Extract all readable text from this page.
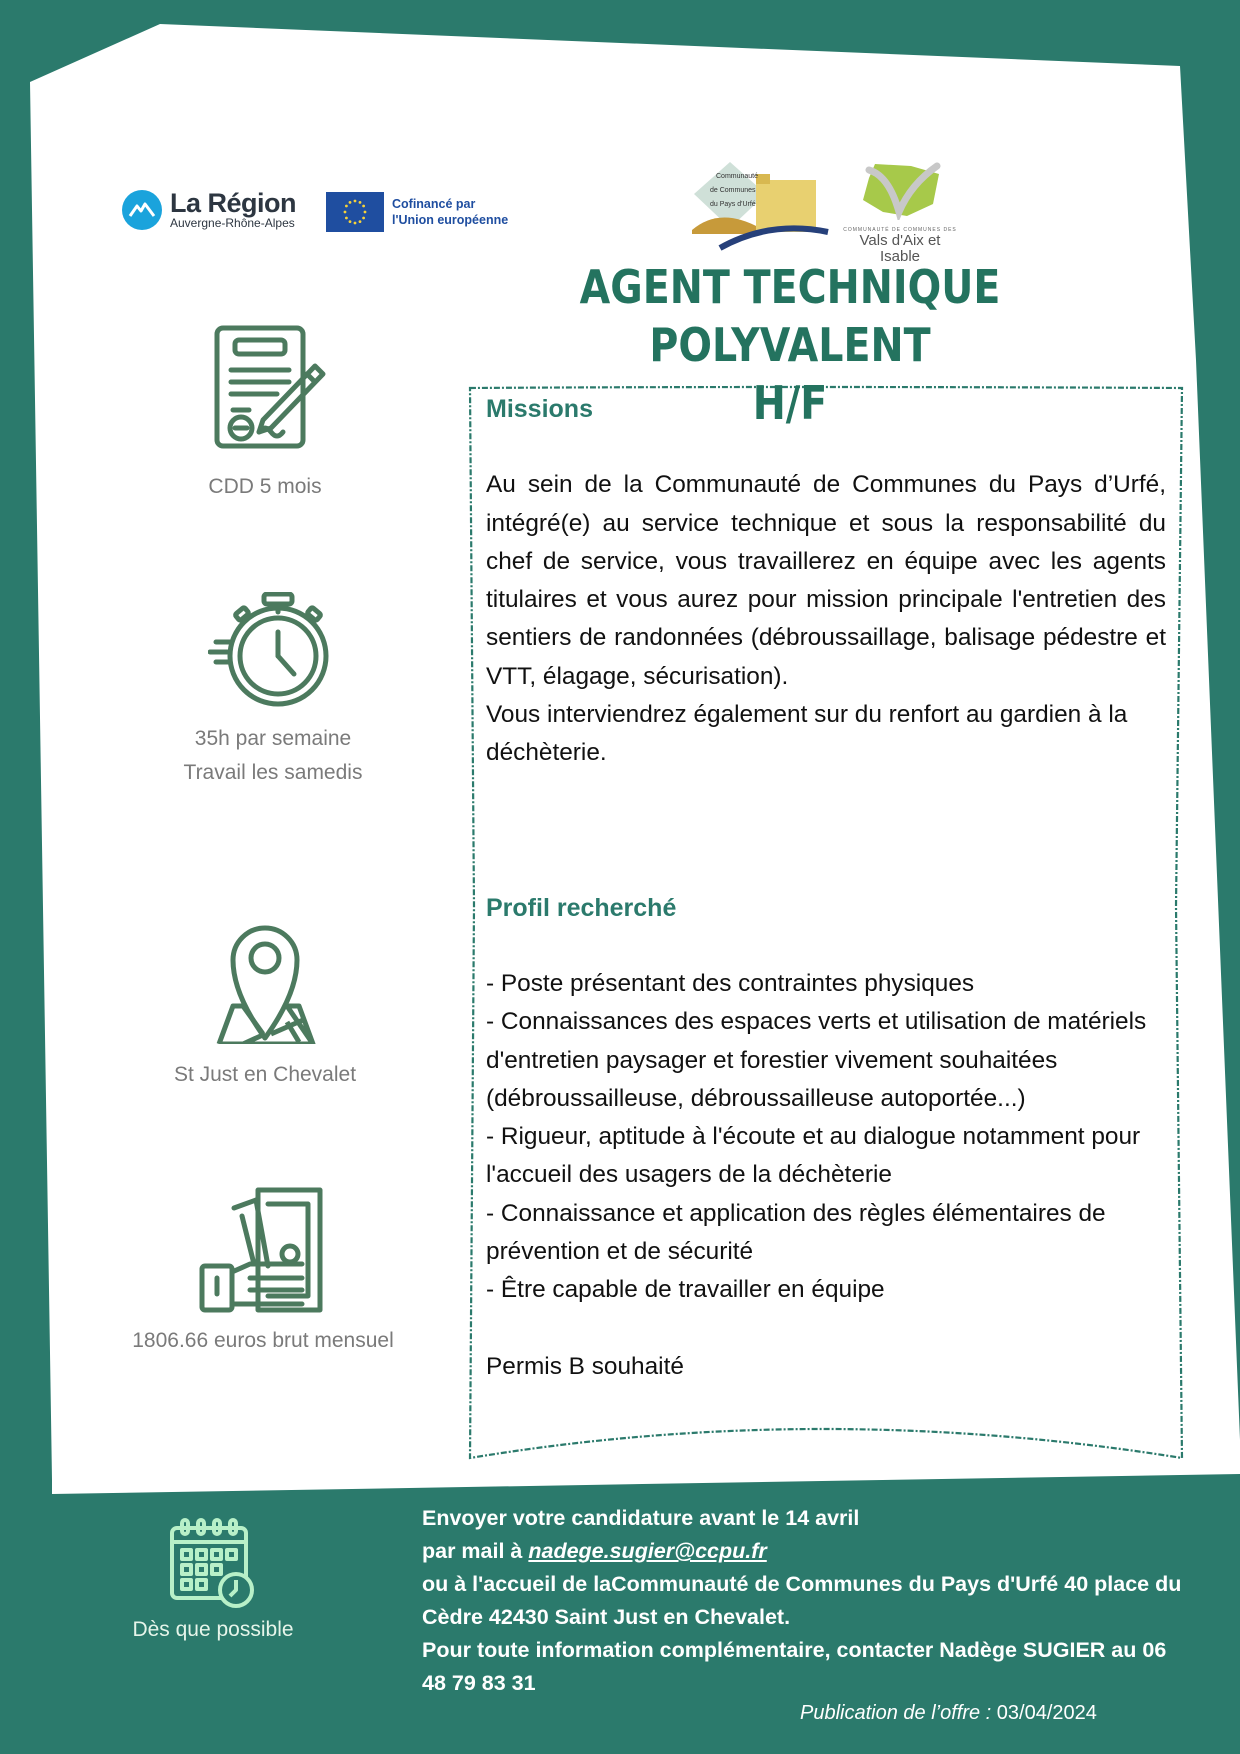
La Région
Auvergne-Rhône-Alpes
Cofinancé par
l'Union européenne
Communauté
de Communes
du Pays d'Urfé
COMMUNAUTÉ DE COMMUNES DES
Vals d'Aix et Isable
AGENT TECHNIQUE POLYVALENT
H/F
CDD 5 mois
35h par semaine
Travail les samedis
St Just en Chevalet
1806.66 euros brut mensuel

Missions

Au sein de la Communauté de Communes du Pays d’Urfé, intégré(e) au service technique et sous la responsabilité du chef de service, vous travaillerez en équipe avec les agents titulaires et vous aurez pour mission principale l'entretien des sentiers de randonnées (débroussaillage, balisage pédestre et VTT, élagage, sécurisation).

Vous interviendrez également sur du renfort au gardien à la déchèterie.

Profil recherché

- Poste présentant des contraintes physiques

- Connaissances des espaces verts et utilisation de matériels d'entretien paysager et forestier vivement souhaitées (débroussailleuse, débroussailleuse autoportée...)

- Rigueur, aptitude à l'écoute et au dialogue notamment pour l'accueil des usagers de la déchèterie

- Connaissance et application des règles élémentaires de prévention et de sécurité

- Être capable de travailler en équipe

Permis B souhaité

Dès que possible
Envoyer votre candidature avant le 14 avril
par mail à nadege.sugier@ccpu.fr
ou à l'accueil de laCommunauté de Communes du Pays d'Urfé 40 place du Cèdre 42430 Saint Just en Chevalet.
Pour toute information complémentaire, contacter Nadège SUGIER au 06 48 79 83 31
Publication de l’offre : 03/04/2024
